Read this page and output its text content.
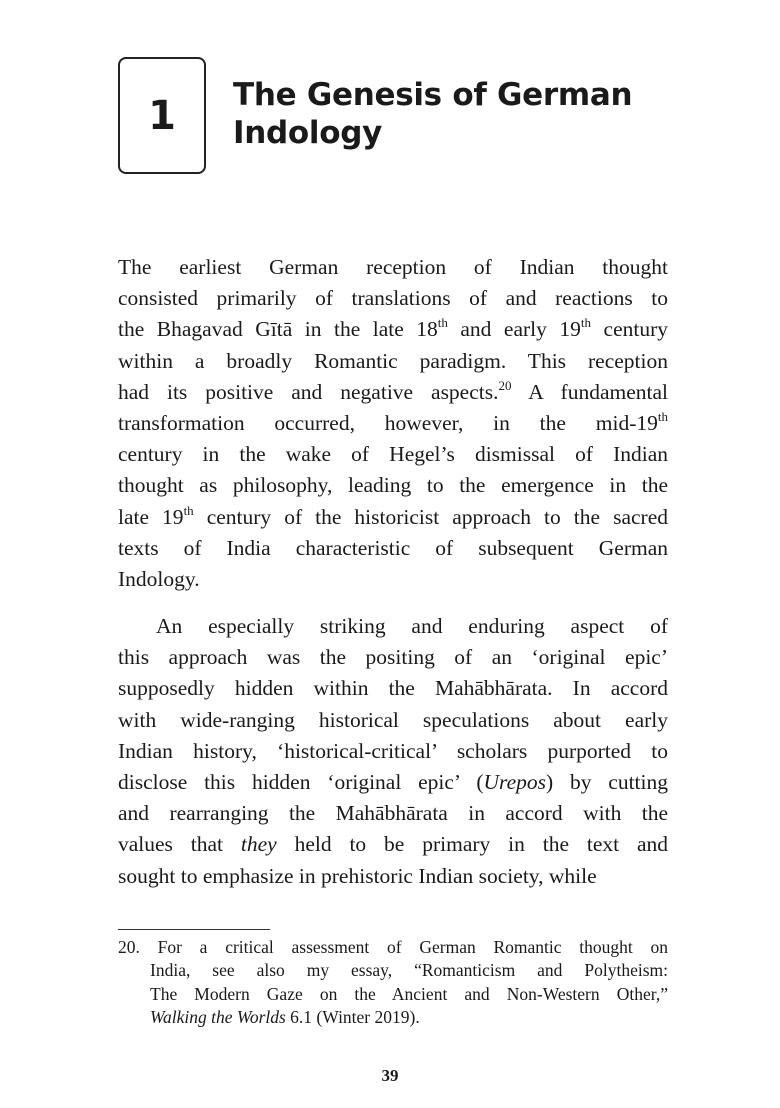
1	The Genesis of German
Indology
The earliest German reception of Indian thought
consisted primarily of translations of and reactions to
the Bhagavad Gītā in the late 18th and early 19th century
within a broadly Romantic paradigm. This reception
had its positive and negative aspects.$^{20}$ A fundamental
transformation occurred, however, in the mid-19th
century in the wake of Hegel’s dismissal of Indian
thought as philosophy, leading to the emergence in the
late 19th century of the historicist approach to the sacred
texts of India characteristic of subsequent German
Indology.
An especially striking and enduring aspect of
this approach was the positing of an ‘original epic’
supposedly hidden within the Mahābhārata. In accord
with wide-ranging historical speculations about early
Indian history, ‘historical-critical’ scholars purported to
disclose this hidden ‘original epic’ (Urepos) by cutting
and rearranging the Mahābhārata in accord with the
values that they held to be primary in the text and
sought to emphasize in prehistoric Indian society, while
20. For a critical assessment of German Romantic thought on
India, see also my essay, “Romanticism and Polytheism:
The Modern Gaze on the Ancient and Non-Western Other,”
Walking the Worlds 6.1 (Winter 2019).
39
